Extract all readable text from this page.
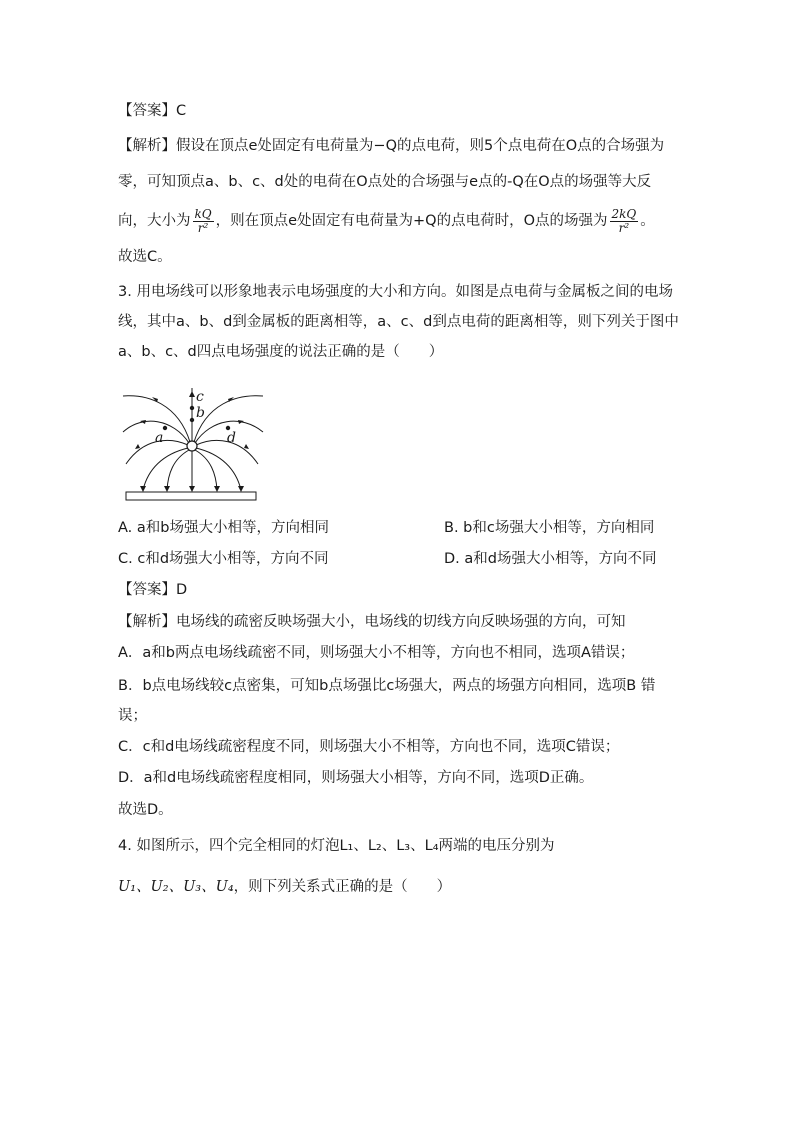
【答案】C
【解析】假设在顶点e处固定有电荷量为−Q的点电荷，则5个点电荷在O点的合场强为
零，可知顶点a、b、c、d处的电荷在O点处的合场强与e点的-Q在O点的场强等大反
向，大小为 $\frac{kQ}{\text{r²}}$ ，则在顶点e处固定有电荷量为+Q的点电荷时，O点的场强为 $\frac{2kQ}{\text{r²}}$ 。
故选C。
3. 用电场线可以形象地表示电场强度的大小和方向。如图是点电荷与金属板之间的电场
线，其中a、b、d到金属板的距离相等，a、c、d到点电荷的距离相等，则下列关于图中
a、b、c、d四点电场强度的说法正确的是（　　）
c
b
a	d
A. a和b场强大小相等，方向相同	B. b和c场强大小相等，方向相同
C. c和d场强大小相等，方向不同	D. a和d场强大小相等，方向不同
【答案】D
【解析】电场线的疏密反映场强大小，电场线的切线方向反映场强的方向，可知
A．a和b两点电场线疏密不同，则场强大小不相等，方向也不相同，选项A错误；
B．b点电场线较c点密集，可知b点场强比c场强大，两点的场强方向相同，选项B 错
误；
C．c和d电场线疏密程度不同，则场强大小不相等，方向也不同，选项C错误；
D．a和d电场线疏密程度相同，则场强大小相等，方向不同，选项D正确。
故选D。
4. 如图所示，四个完全相同的灯泡L₁、L₂、L₃、L₄两端的电压分别为
U₁、U₂、U₃、U₄，则下列关系式正确的是（　　）
